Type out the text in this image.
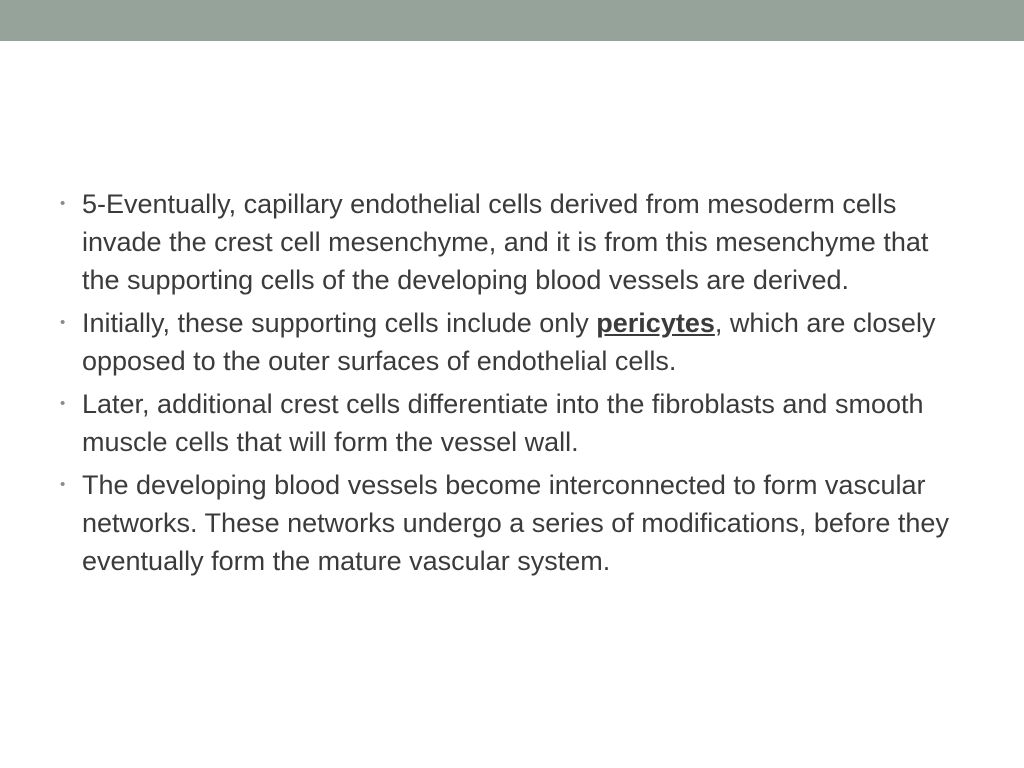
• 5-Eventually, capillary endothelial cells derived from mesoderm cells invade the crest cell mesenchyme, and it is from this mesenchyme that the supporting cells of the developing blood vessels are derived.
• Initially, these supporting cells include only pericytes, which are closely opposed to the outer surfaces of endothelial cells.
• Later, additional crest cells differentiate into the fibroblasts and smooth muscle cells that will form the vessel wall.
• The developing blood vessels become interconnected to form vascular networks. These networks undergo a series of modifications, before they eventually form the mature vascular system.
